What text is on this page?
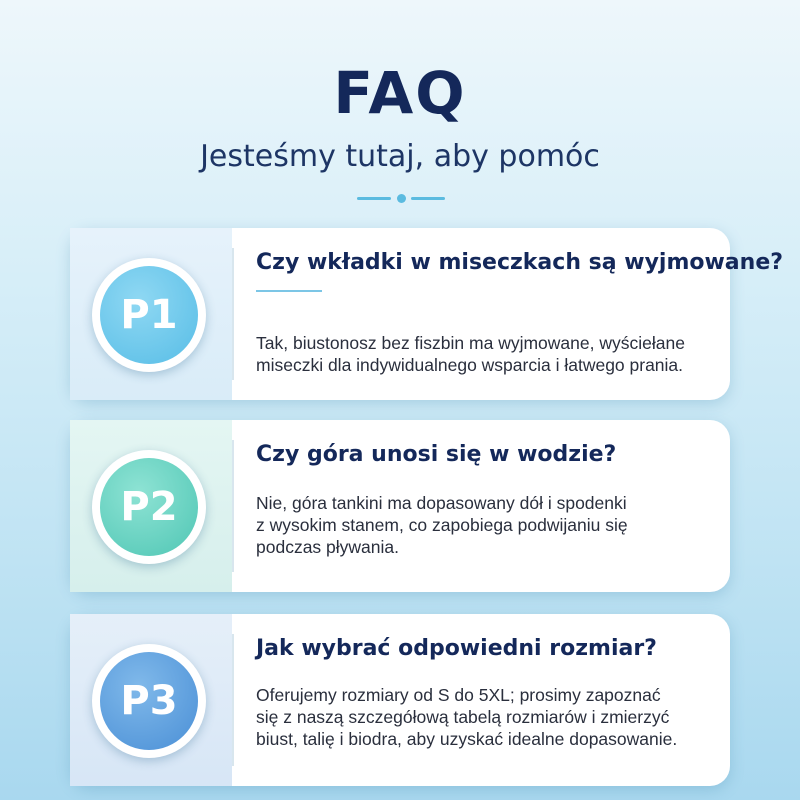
FAQ
Jesteśmy tutaj, aby pomóc
P1
Czy wkładki w miseczkach są wyjmowane?
Tak, biustonosz bez fiszbin ma wyjmowane, wyściełane
miseczki dla indywidualnego wsparcia i łatwego prania.
P2
Czy góra unosi się w wodzie?
Nie, góra tankini ma dopasowany dół i spodenki
z wysokim stanem, co zapobiega podwijaniu się
podczas pływania.
P3
Jak wybrać odpowiedni rozmiar?
Oferujemy rozmiary od S do 5XL; prosimy zapoznać
się z naszą szczegółową tabelą rozmiarów i zmierzyć
biust, talię i biodra, aby uzyskać idealne dopasowanie.
